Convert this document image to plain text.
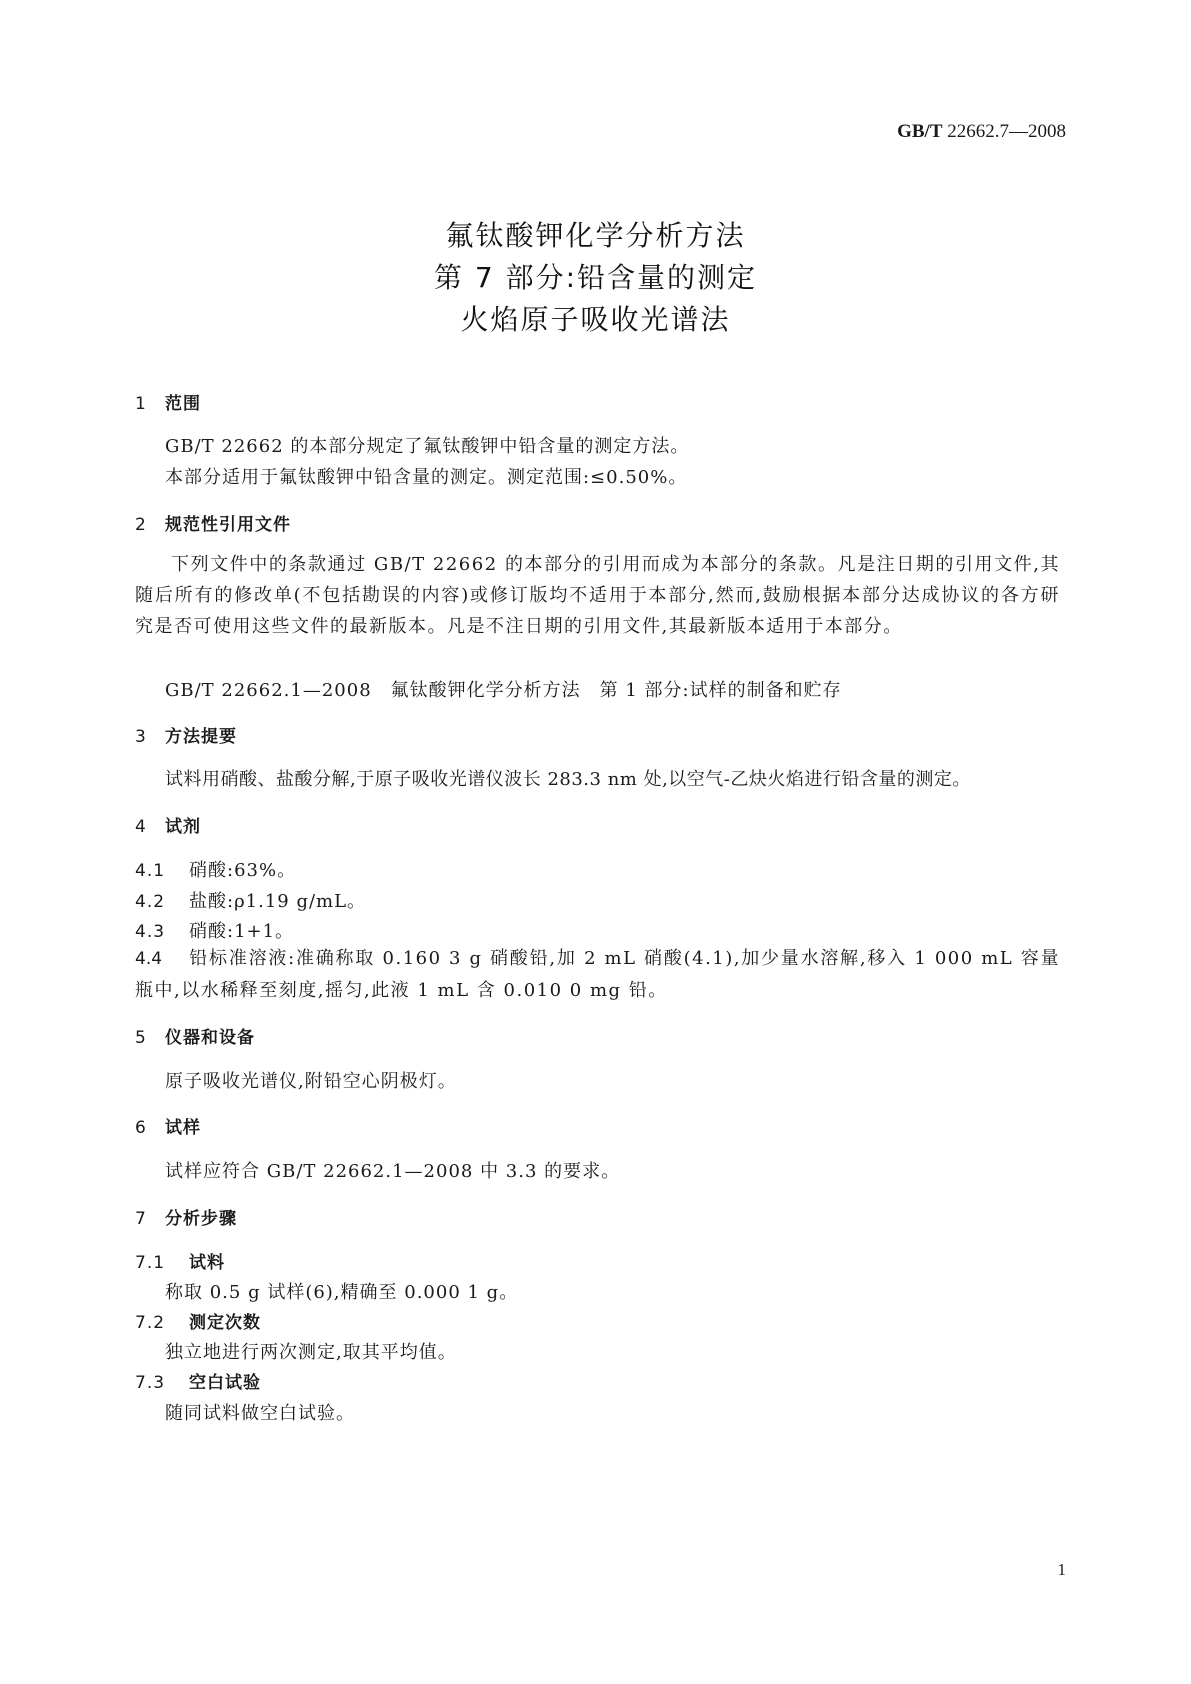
GB/T 22662.7—2008
氟钛酸钾化学分析方法
第 7 部分:铅含量的测定
火焰原子吸收光谱法
1 范围
GB/T 22662 的本部分规定了氟钛酸钾中铅含量的测定方法。
本部分适用于氟钛酸钾中铅含量的测定。测定范围:≤0.50%。
2 规范性引用文件
下列文件中的条款通过 GB/T 22662 的本部分的引用而成为本部分的条款。凡是注日期的引用文件,其随后所有的修改单(不包括勘误的内容)或修订版均不适用于本部分,然而,鼓励根据本部分达成协议的各方研究是否可使用这些文件的最新版本。凡是不注日期的引用文件,其最新版本适用于本部分。
GB/T 22662.1—2008　氟钛酸钾化学分析方法　第 1 部分:试样的制备和贮存
3 方法提要
试料用硝酸、盐酸分解,于原子吸收光谱仪波长 283.3 nm 处,以空气-乙炔火焰进行铅含量的测定。
4 试剂
4.1 硝酸:63%。
4.2 盐酸:ρ1.19 g/mL。
4.3 硝酸:1+1。
4.4 铅标准溶液:准确称取 0.160 3 g 硝酸铅,加 2 mL 硝酸(4.1),加少量水溶解,移入 1 000 mL 容量瓶中,以水稀释至刻度,摇匀,此液 1 mL 含 0.010 0 mg 铅。
5 仪器和设备
原子吸收光谱仪,附铅空心阴极灯。
6 试样
试样应符合 GB/T 22662.1—2008 中 3.3 的要求。
7 分析步骤
7.1 试料
称取 0.5 g 试样(6),精确至 0.000 1 g。
7.2 测定次数
独立地进行两次测定,取其平均值。
7.3 空白试验
随同试料做空白试验。
1
